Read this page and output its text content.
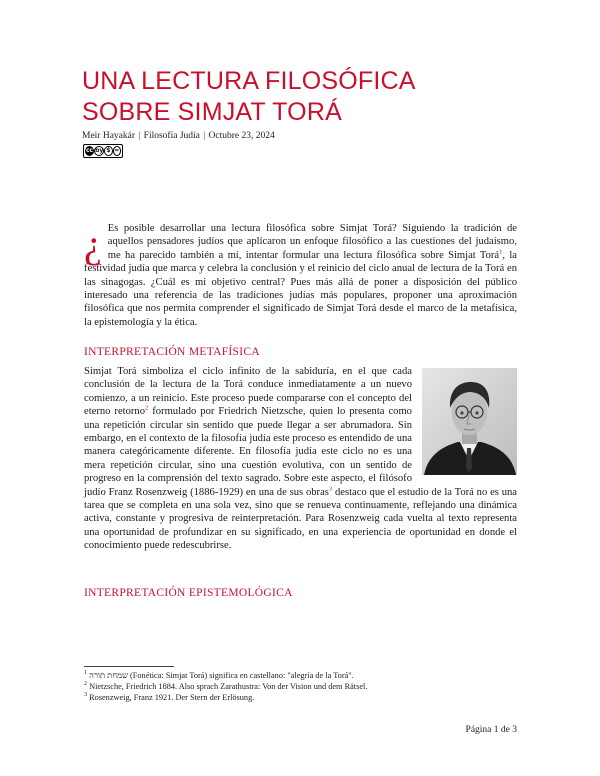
UNA LECTURA FILOSÓFICA
SOBRE SIMJAT TORÁ
Meir Hayakár | Filosofía Judía | Octubre 23, 2024
cc by $ =
¿ Es posible desarrollar una lectura filosófica sobre Simjat Torá? Siguiendo la tradición de aquellos pensadores judíos que aplicaron un enfoque filosófico a las cuestiones del judaísmo, me ha parecido también a mí, intentar formular una lectura filosófica sobre Simjat Torá$^1$, la festividad judía que marca y celebra la conclusión y el reinicio del ciclo anual de lectura de la Torá en las sinagogas. ¿Cuál es mi objetivo central? Pues más allá de poner a disposición del público interesado una referencia de las tradiciones judías más populares, proponer una aproximación filosófica que nos permita comprender el significado de Simjat Torá desde el marco de la metafísica, la epistemología y la ética.

INTERPRETACIÓN METAFÍSICA

Simjat Torá simboliza el ciclo infinito de la sabiduría, en el que cada conclusión de la lectura de la Torá conduce inmediatamente a un nuevo comienzo, a un reinicio. Este proceso puede compararse con el concepto del eterno retorno$^2$ formulado por Friedrich Nietzsche, quien lo presenta como una repetición circular sin sentido que puede llegar a ser abrumadora. Sin embargo, en el contexto de la filosofía judía este proceso es entendido de una manera categóricamente diferente. En filosofía judía este ciclo no es una mera repetición circular, sino una cuestión evolutiva, con un sentido de progreso en la comprensión del texto sagrado. Sobre este aspecto, el filósofo judío Franz Rosenzweig (1886-1929) en una de sus obras$^3$ destaco que el estudio de la Torá no es una tarea que se completa en una sola vez, sino que se renueva continuamente, reflejando una dinámica activa, constante y progresiva de reinterpretación. Para Rosenzweig cada vuelta al texto representa una oportunidad de profundizar en su significado, en una experiencia de oportunidad en donde el conocimiento puede redescubrirse.

INTERPRETACIÓN EPISTEMOLÓGICA

$^1$ שמחת תורה (Fonética: Simjat Torá) significa en castellano: "alegría de la Torá".

$^2$ Nietzsche, Friedrich 1884. Also sprach Zarathustra: Von der Vision und dem Rätsel.

$^3$ Rosenzweig, Franz 1921. Der Stern der Erlösung.

Página 1 de 3
